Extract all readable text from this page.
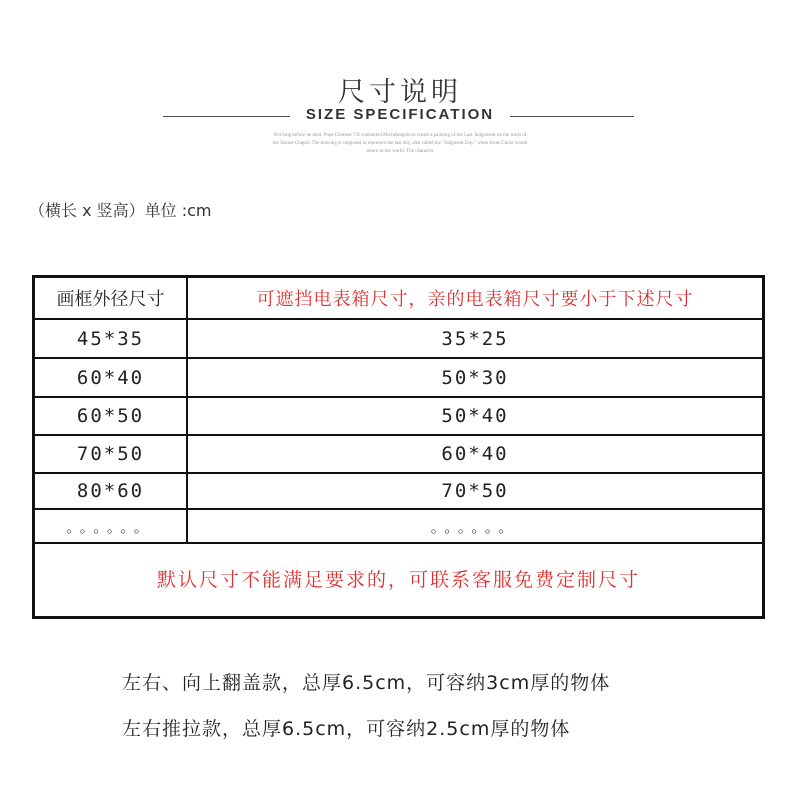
尺寸说明
SIZE SPECIFICATION
Not long before he died, Pope Clement VII contracted Michelangelo to create a painting of the Last Judgement on the walls of the Sistine Chapel. The drawing is supposed to represent the last day, also called the "Judgment Day," when Jesus Christ would return to the world. The character
（横长 x 竖高）单位 :cm
画框外径尺寸	可遮挡电表箱尺寸，亲的电表箱尺寸要小于下述尺寸
45*35	35*25
60*40	50*30
60*50	50*40
70*50	60*40
80*60	70*50
。。。。。。	。。。。。。
默认尺寸不能满足要求的，可联系客服免费定制尺寸
左右、向上翻盖款，总厚6.5cm，可容纳3cm厚的物体
左右推拉款，总厚6.5cm，可容纳2.5cm厚的物体
